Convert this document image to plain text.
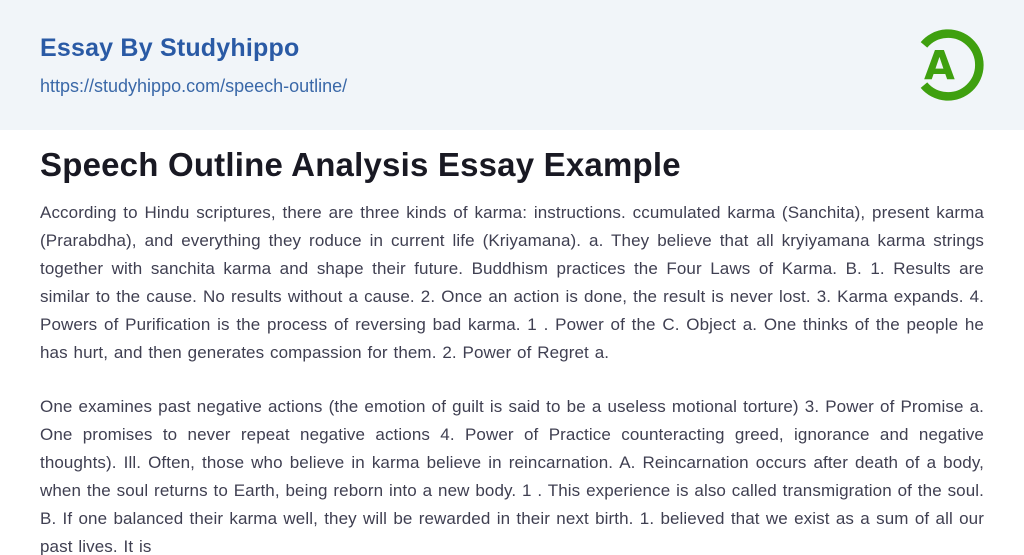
Essay By Studyhippo
https://studyhippo.com/speech-outline/	A
Speech Outline Analysis Essay Example

According to Hindu scriptures, there are three kinds of karma: instructions. ccumulated karma (Sanchita), present karma (Prarabdha), and everything they roduce in current life (Kriyamana). a. They believe that all kryiyamana karma strings together with sanchita karma and shape their future. Buddhism practices the Four Laws of Karma. B. 1. Results are similar to the cause. No results without a cause. 2. Once an action is done, the result is never lost. 3. Karma expands. 4. Powers of Purification is the process of reversing bad karma. 1 . Power of the C. Object a. One thinks of the people he has hurt, and then generates compassion for them. 2. Power of Regret a.

One examines past negative actions (the emotion of guilt is said to be a useless motional torture) 3. Power of Promise a. One promises to never repeat negative actions 4. Power of Practice counteracting greed, ignorance and negative thoughts). Ill. Often, those who believe in karma believe in reincarnation. A. Reincarnation occurs after death of a body, when the soul returns to Earth, being reborn into a new body. 1 . This experience is also called transmigration of the soul. B. If one balanced their karma well, they will be rewarded in their next birth. 1. believed that we exist as a sum of all our past lives. It is
